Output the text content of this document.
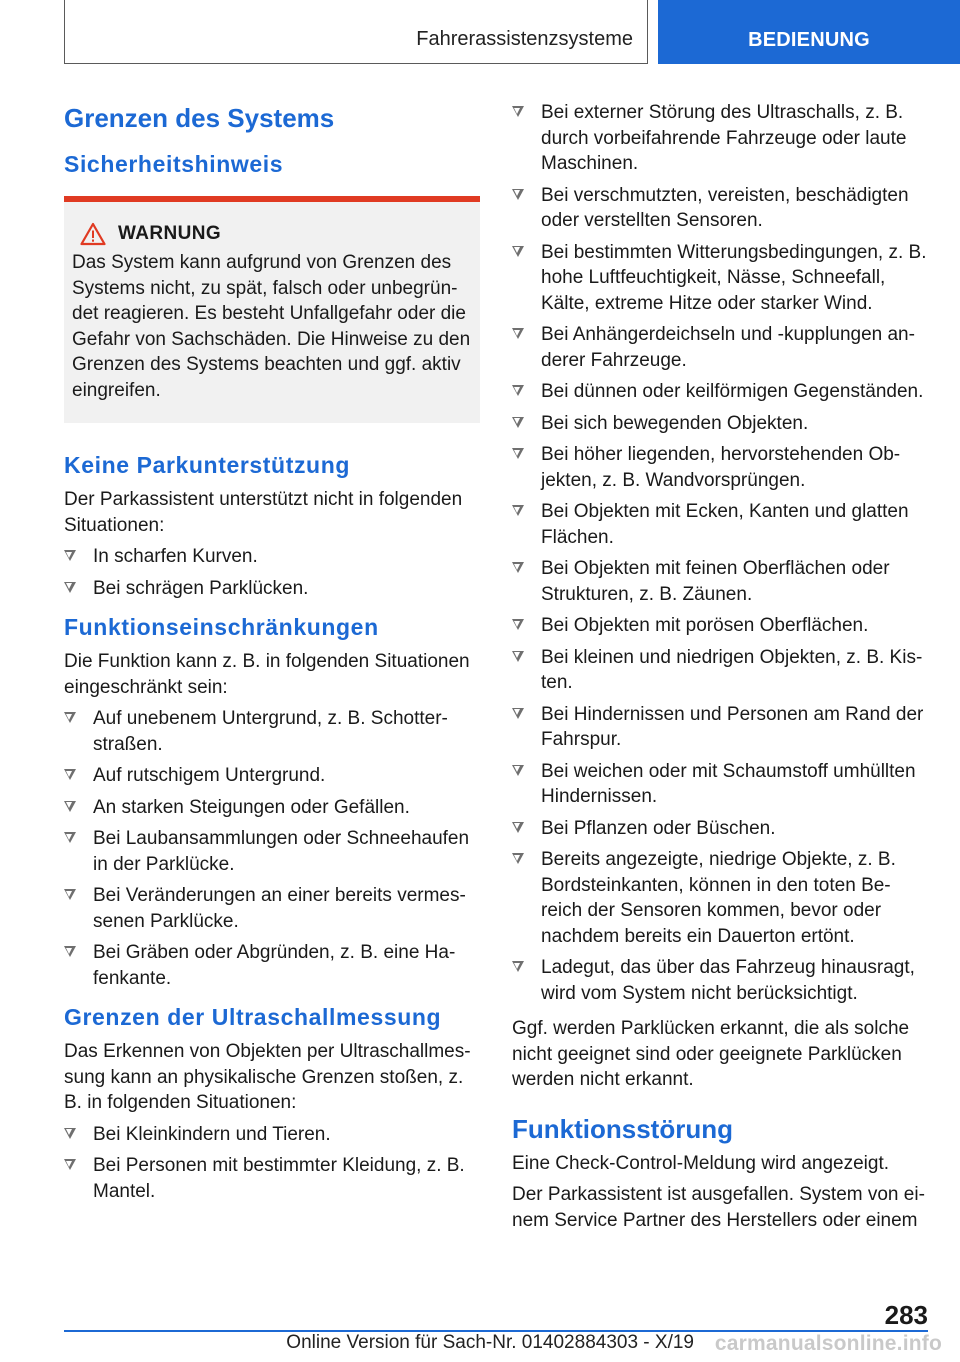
Fahrerassistenzsysteme	BEDIENUNG
Grenzen des Systems
Sicherheitshinweis
WARNUNG

Das System kann aufgrund von Grenzen des Systems nicht, zu spät, falsch oder unbegrün-det reagieren. Es besteht Unfallgefahr oder die Gefahr von Sachschäden. Die Hinweise zu den Grenzen des Systems beachten und ggf. aktiv eingreifen.

Keine Parkunterstützung

Der Parkassistent unterstützt nicht in folgenden Situationen:

In scharfen Kurven.
Bei schrägen Parklücken.
Funktionseinschränkungen

Die Funktion kann z. B. in folgenden Situationen eingeschränkt sein:

Auf unebenem Untergrund, z. B. Schotter-straßen.
Auf rutschigem Untergrund.
An starken Steigungen oder Gefällen.
Bei Laubansammlungen oder Schneehaufen in der Parklücke.
Bei Veränderungen an einer bereits vermes-senen Parklücke.
Bei Gräben oder Abgründen, z. B. eine Ha-fenkante.
Grenzen der Ultraschallmessung

Das Erkennen von Objekten per Ultraschallmes-sung kann an physikalische Grenzen stoßen, z. B. in folgenden Situationen:

Bei Kleinkindern und Tieren.
Bei Personen mit bestimmter Kleidung, z. B. Mantel.
Bei externer Störung des Ultraschalls, z. B. durch vorbeifahrende Fahrzeuge oder laute Maschinen.
Bei verschmutzten, vereisten, beschädigten oder verstellten Sensoren.
Bei bestimmten Witterungsbedingungen, z. B. hohe Luftfeuchtigkeit, Nässe, Schneefall, Kälte, extreme Hitze oder starker Wind.
Bei Anhängerdeichseln und -kupplungen an-derer Fahrzeuge.
Bei dünnen oder keilförmigen Gegenständen.
Bei sich bewegenden Objekten.
Bei höher liegenden, hervorstehenden Ob-jekten, z. B. Wandvorsprüngen.
Bei Objekten mit Ecken, Kanten und glatten Flächen.
Bei Objekten mit feinen Oberflächen oder Strukturen, z. B. Zäunen.
Bei Objekten mit porösen Oberflächen.
Bei kleinen und niedrigen Objekten, z. B. Kis-ten.
Bei Hindernissen und Personen am Rand der Fahrspur.
Bei weichen oder mit Schaumstoff umhüllten Hindernissen.
Bei Pflanzen oder Büschen.
Bereits angezeigte, niedrige Objekte, z. B. Bordsteinkanten, können in den toten Be-reich der Sensoren kommen, bevor oder nachdem bereits ein Dauerton ertönt.
Ladegut, das über das Fahrzeug hinausragt, wird vom System nicht berücksichtigt.

Ggf. werden Parklücken erkannt, die als solche nicht geeignet sind oder geeignete Parklücken werden nicht erkannt.

Funktionsstörung

Eine Check-Control-Meldung wird angezeigt.

Der Parkassistent ist ausgefallen. System von ei-nem Service Partner des Herstellers oder einem

283
Online Version für Sach-Nr. 01402884303 - X/19 carmanualsonline.info
